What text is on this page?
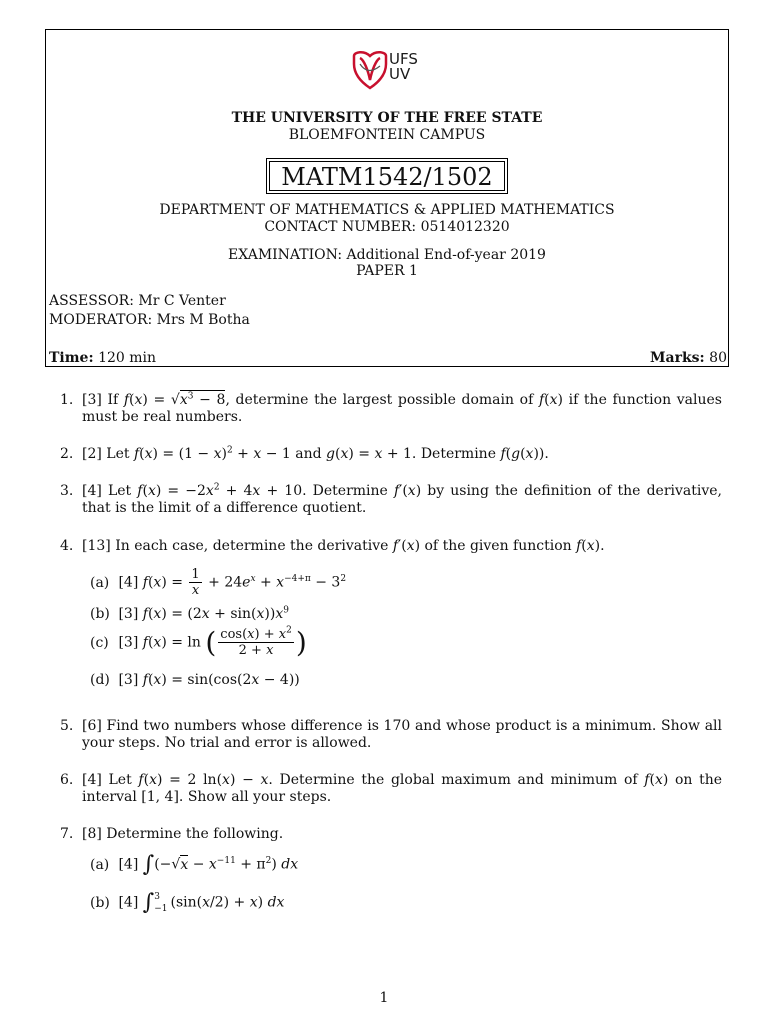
UFS
UV
THE UNIVERSITY OF THE FREE STATE
BLOEMFONTEIN CAMPUS
MATM1542/1502
DEPARTMENT OF MATHEMATICS & APPLIED MATHEMATICS
CONTACT NUMBER: 0514012320
EXAMINATION: Additional End-of-year 2019
PAPER 1
ASSESSOR: Mr C Venter
MODERATOR: Mrs M Botha
Time: 120 min	Marks: 80
1. [3] If $f(x) = √x^3 - 8$, determine the largest possible domain of f(x) if the function values must be real numbers.
2. [2] Let $f(x) = (1 - x)^2 + x - 1$ and g(x) = x + 1. Determine f(g(x)).
3. [4] Let $f(x) = -2x^2 + 4x + 10$. Determine f′(x) by using the definition of the derivative, that is the limit of a difference quotient.
4. [13] In each case, determine the derivative f′(x) of the given function f(x).
(a) [4] $f(x) = \frac{1}{x} + 24e^x + x^{-4+\pi} - 3^2$
(b) [3] $f(x) = (2x + \sin(x))x^9$
(c) [3] f(x) = ln ( $\frac{\cos(x) + x^2}{2 + x}$ )
(d) [3] f(x) = sin(cos(2x − 4))
5. [6] Find two numbers whose difference is 170 and whose product is a minimum. Show all your steps. No trial and error is allowed.
6. [4] Let f(x) = 2 ln(x) − x. Determine the global maximum and minimum of f(x) on the interval [1, 4]. Show all your steps.
7. [8] Determine the following.
(a) [4] $\int(-√x - x^{-11} + \pi^2)$ dx
(b) [4] ∫ 3
−1 (sin(x/2) + x) dx
1
